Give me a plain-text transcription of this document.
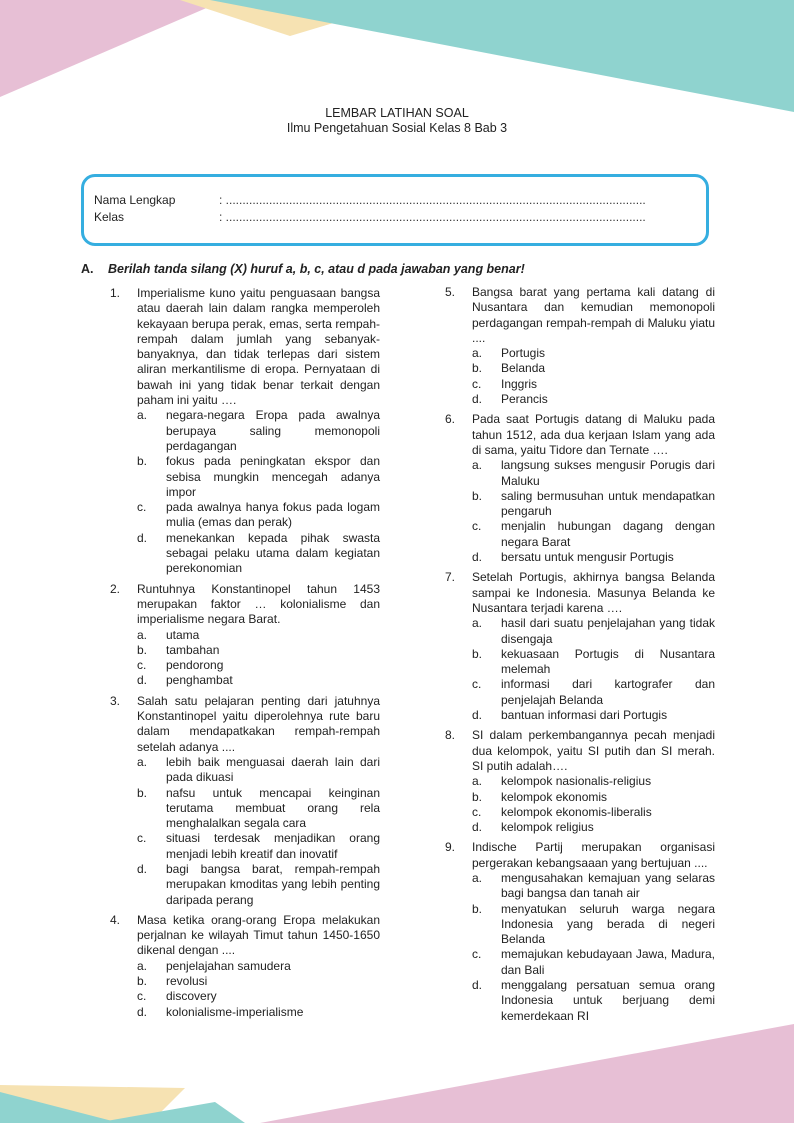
LEMBAR LATIHAN SOAL
Ilmu Pengetahuan Sosial Kelas 8 Bab 3
Nama Lengkap	: ..............................................................................................................................
Kelas	: ..............................................................................................................................
A. Berilah tanda silang (X) huruf a, b, c, atau d pada jawaban yang benar!
1. Imperialisme kuno yaitu penguasaan bangsa atau daerah lain dalam rangka memperoleh kekayaan berupa perak, emas, serta rempah-rempah dalam jumlah yang sebanyak-banyaknya, dan tidak terlepas dari sistem aliran merkantilisme di eropa. Pernyataan di bawah ini yang tidak benar terkait dengan paham ini yaitu ….
a. negara-negara Eropa pada awalnya berupaya saling memonopoli perdagangan
b. fokus pada peningkatan ekspor dan sebisa mungkin mencegah adanya impor
c. pada awalnya hanya fokus pada logam mulia (emas dan perak)
d. menekankan kepada pihak swasta sebagai pelaku utama dalam kegiatan perekonomian
2. Runtuhnya Konstantinopel tahun 1453 merupakan faktor … kolonialisme dan imperialisme negara Barat.
a. utama
b. tambahan
c. pendorong
d. penghambat
3. Salah satu pelajaran penting dari jatuhnya Konstantinopel yaitu diperolehnya rute baru dalam mendapatkakan rempah-rempah setelah adanya ....
a. lebih baik menguasai daerah lain dari pada dikuasi
b. nafsu untuk mencapai keinginan terutama membuat orang rela menghalalkan segala cara
c. situasi terdesak menjadikan orang menjadi lebih kreatif dan inovatif
d. bagi bangsa barat, rempah-rempah merupakan kmoditas yang lebih penting daripada perang
4. Masa ketika orang-orang Eropa melakukan perjalnan ke wilayah Timut tahun 1450-1650 dikenal dengan ....
a. penjelajahan samudera
b. revolusi
c. discovery
d. kolonialisme-imperialisme
5. Bangsa barat yang pertama kali datang di Nusantara dan kemudian memonopoli perdagangan rempah-rempah di Maluku yiatu ....
a. Portugis
b. Belanda
c. Inggris
d. Perancis
6. Pada saat Portugis datang di Maluku pada tahun 1512, ada dua kerjaan Islam yang ada di sama, yaitu Tidore dan Ternate ….
a. langsung sukses mengusir Porugis dari Maluku
b. saling bermusuhan untuk mendapatkan pengaruh
c. menjalin hubungan dagang dengan negara Barat
d. bersatu untuk mengusir Portugis
7. Setelah Portugis, akhirnya bangsa Belanda sampai ke Indonesia. Masunya Belanda ke Nusantara terjadi karena ….
a. hasil dari suatu penjelajahan yang tidak disengaja
b. kekuasaan Portugis di Nusantara melemah
c. informasi dari kartografer dan penjelajah Belanda
d. bantuan informasi dari Portugis
8. SI dalam perkembangannya pecah menjadi dua kelompok, yaitu SI putih dan SI merah. SI putih adalah….
a. kelompok nasionalis-religius
b. kelompok ekonomis
c. kelompok ekonomis-liberalis
d. kelompok religius
9. Indische Partij merupakan organisasi pergerakan kebangsaaan yang bertujuan ....
a. mengusahakan kemajuan yang selaras bagi bangsa dan tanah air
b. menyatukan seluruh warga negara Indonesia yang berada di negeri Belanda
c. memajukan kebudayaan Jawa, Madura, dan Bali
d. menggalang persatuan semua orang Indonesia untuk berjuang demi kemerdekaan RI
